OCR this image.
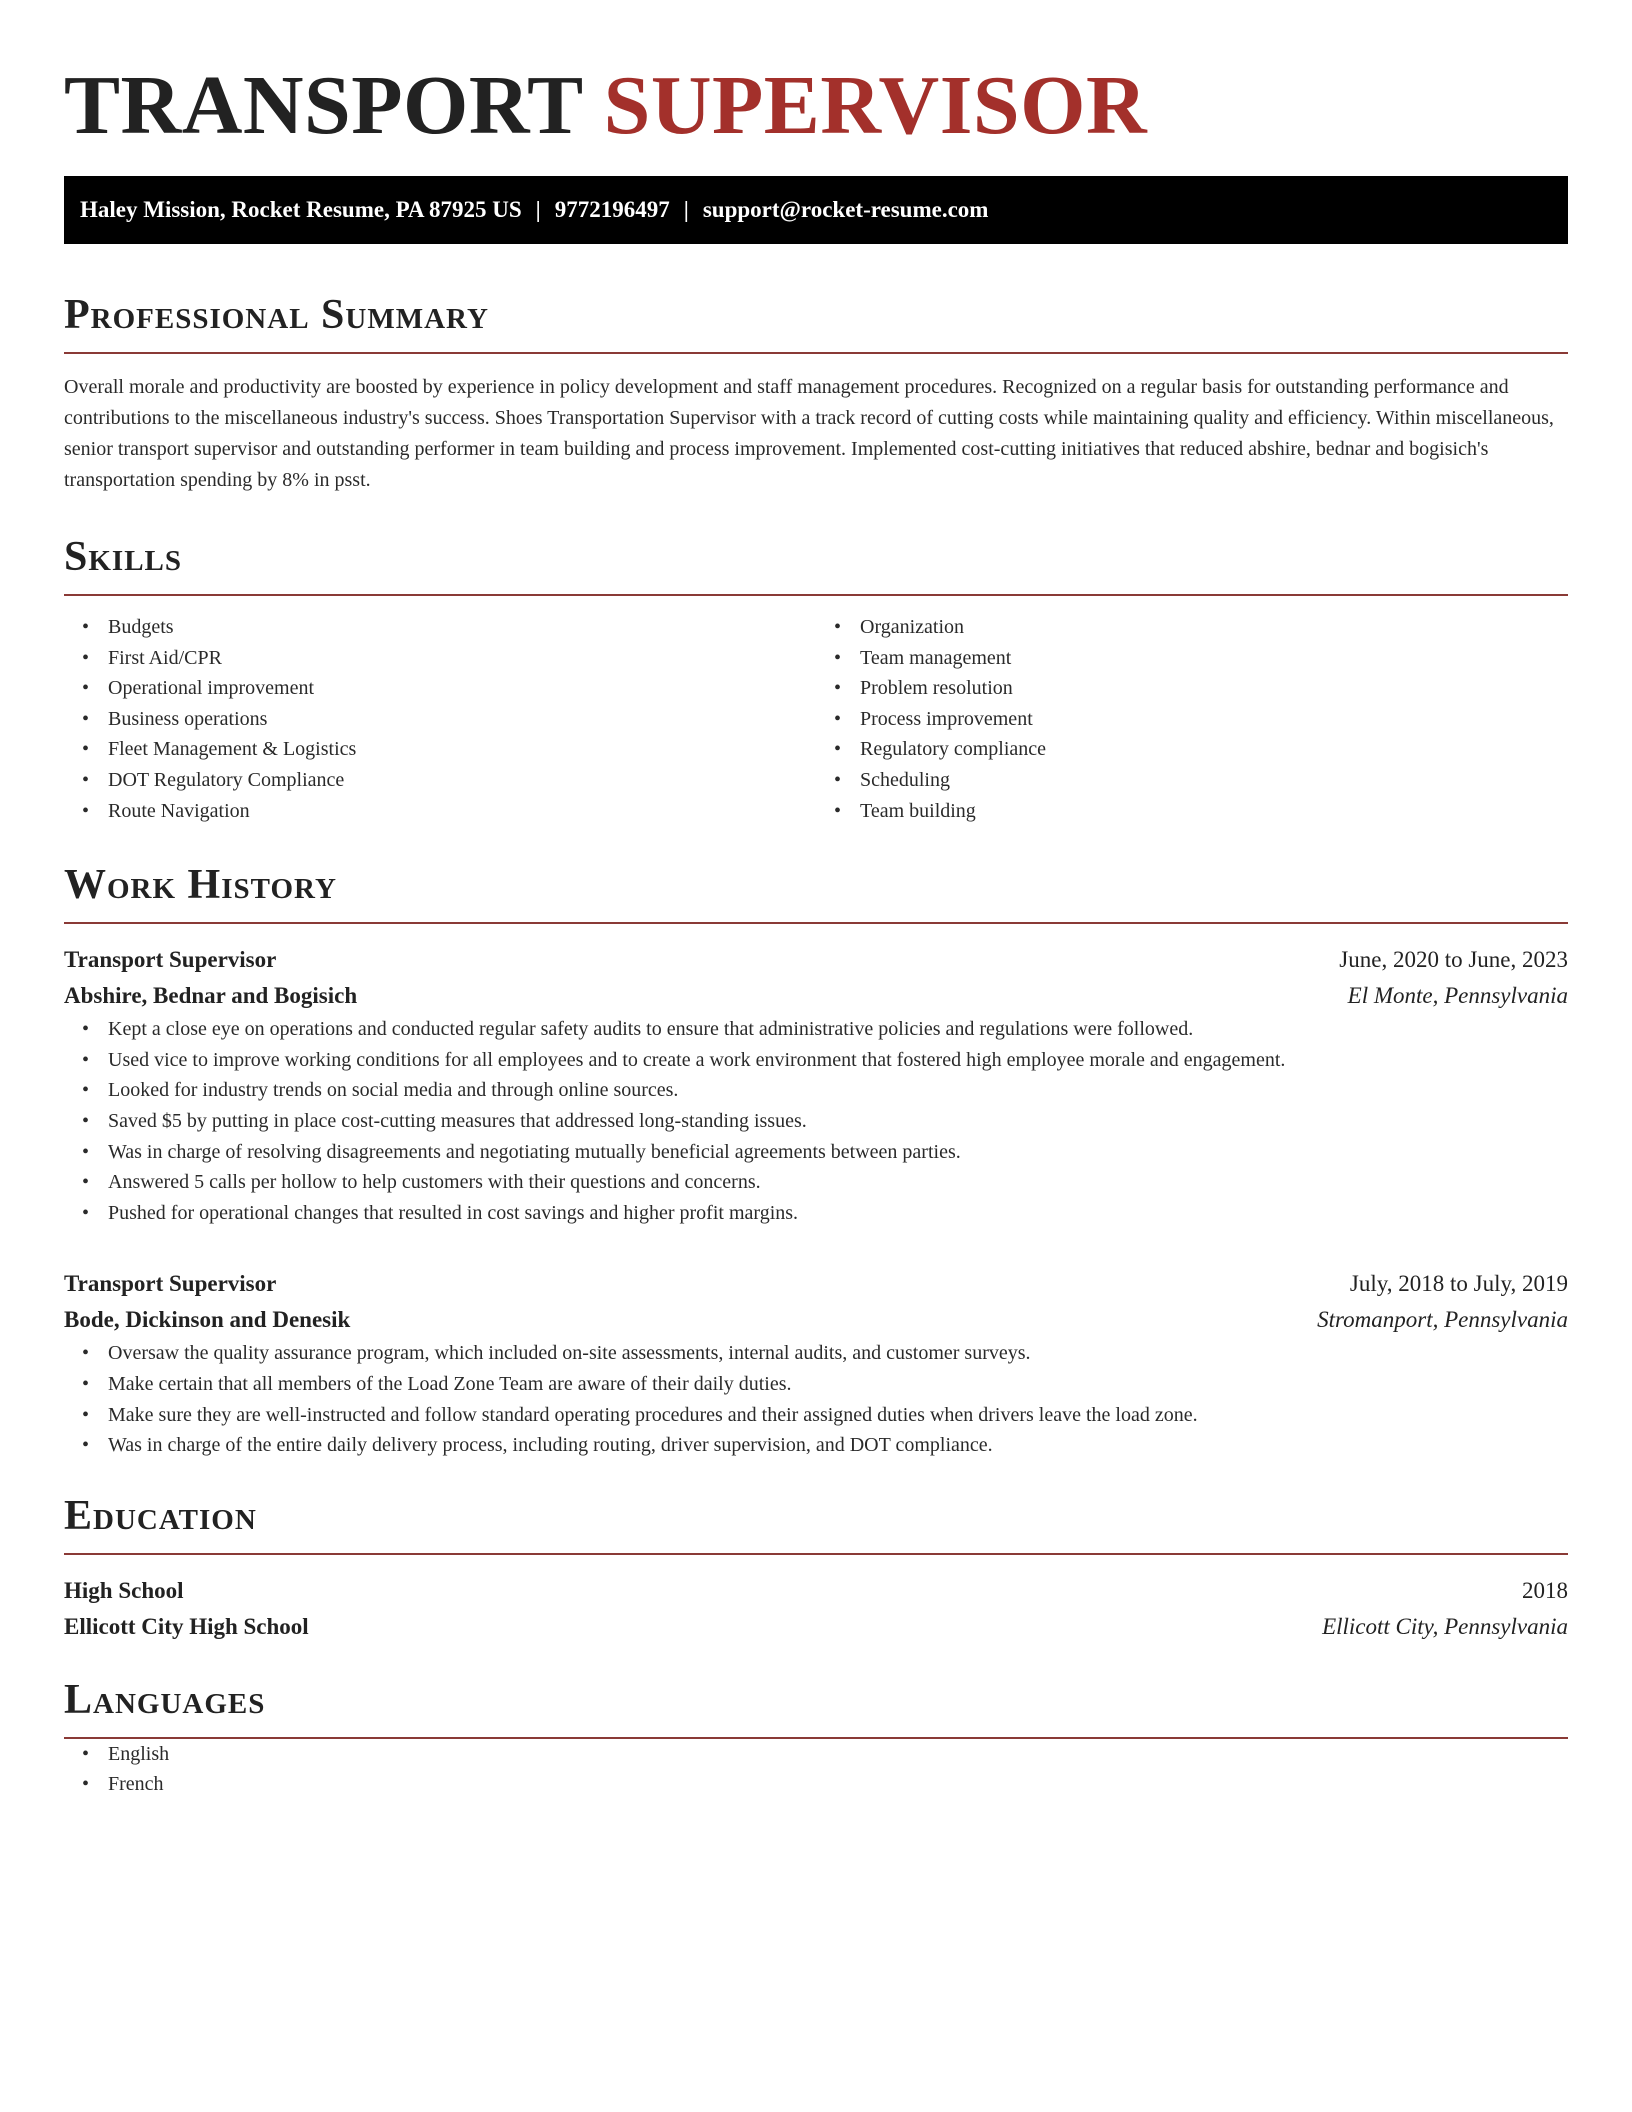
TRANSPORT SUPERVISOR
Haley Mission, Rocket Resume, PA 87925 US | 9772196497 | support@rocket-resume.com
Professional Summary

Overall morale and productivity are boosted by experience in policy development and staff management procedures. Recognized on a regular basis for outstanding performance and contributions to the miscellaneous industry's success. Shoes Transportation Supervisor with a track record of cutting costs while maintaining quality and efficiency. Within miscellaneous, senior transport supervisor and outstanding performer in team building and process improvement. Implemented cost-cutting initiatives that reduced abshire, bednar and bogisich's transportation spending by 8% in psst.

Skills
• Budgets
• First Aid/CPR
• Operational improvement
• Business operations
• Fleet Management & Logistics
• DOT Regulatory Compliance
• Route Navigation
• Organization
• Team management
• Problem resolution
• Process improvement
• Regulatory compliance
• Scheduling
• Team building
Work History
Transport Supervisor	June, 2020 to June, 2023
Abshire, Bednar and Bogisich	El Monte, Pennsylvania
• Kept a close eye on operations and conducted regular safety audits to ensure that administrative policies and regulations were followed.
• Used vice to improve working conditions for all employees and to create a work environment that fostered high employee morale and engagement.
• Looked for industry trends on social media and through online sources.
• Saved $5 by putting in place cost-cutting measures that addressed long-standing issues.
• Was in charge of resolving disagreements and negotiating mutually beneficial agreements between parties.
• Answered 5 calls per hollow to help customers with their questions and concerns.
• Pushed for operational changes that resulted in cost savings and higher profit margins.
Transport Supervisor	July, 2018 to July, 2019
Bode, Dickinson and Denesik	Stromanport, Pennsylvania
• Oversaw the quality assurance program, which included on-site assessments, internal audits, and customer surveys.
• Make certain that all members of the Load Zone Team are aware of their daily duties.
• Make sure they are well-instructed and follow standard operating procedures and their assigned duties when drivers leave the load zone.
• Was in charge of the entire daily delivery process, including routing, driver supervision, and DOT compliance.
Education
High School	2018
Ellicott City High School	Ellicott City, Pennsylvania
Languages
• English
• French
